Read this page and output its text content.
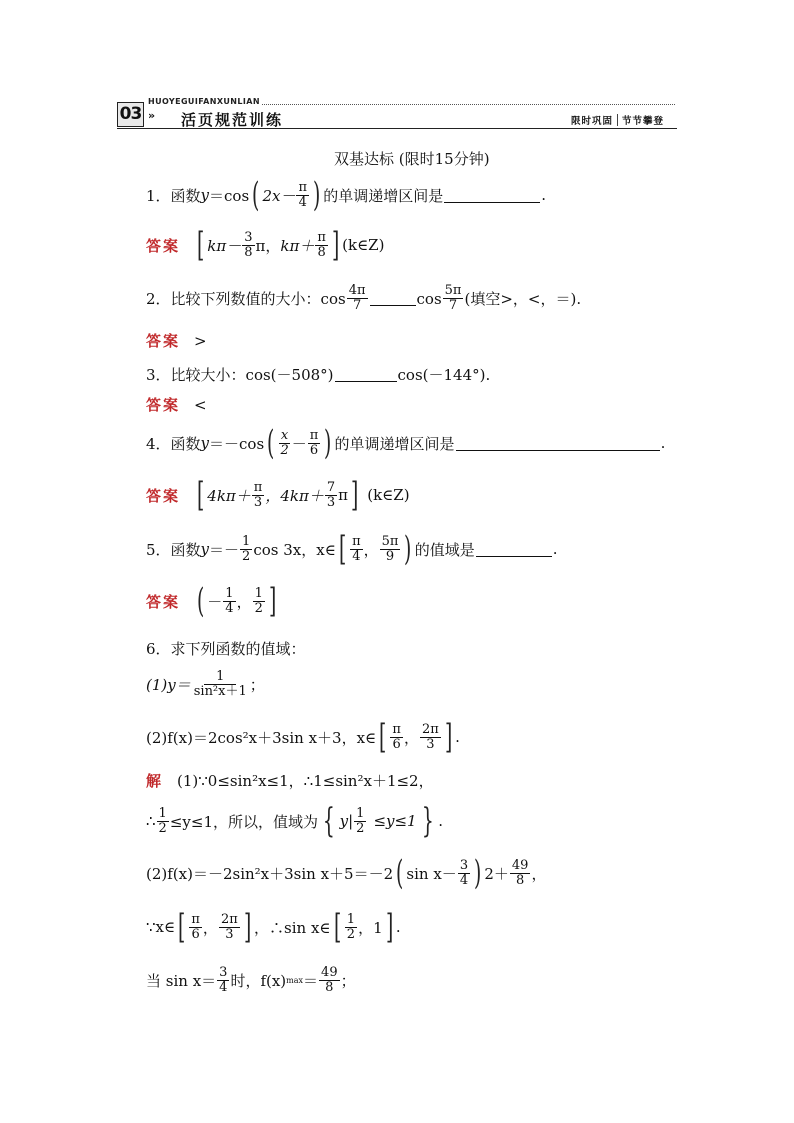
HUOYEGUIFANXUNLIAN
03 » 活页规范训练	限时巩固 节节攀登
双基达标 (限时15分钟)
1．函数 y ＝cos ( $2x- \frac{\pi}{4}$ ) 的单调递增区间是	.
答案 [ $k\pi- \frac{3}{8}$ π， $k\pi+ \frac{\pi}{8}$ ] (k∈Z)
2．比较下列数值的大小：$\cos \frac{4\pi}{7}$	$\cos \frac{5\pi}{7}$ (填空>，<，＝).
答案 >
3．比较大小：cos(－508°)	cos(－144°).
答案 <
4．函数 y ＝－cos ( $\frac{x}{2} - \frac{\pi}{6}$ ) 的单调递增区间是	.
答案 [ $4k\pi+ \frac{\pi}{3}$ ，$4k\pi+ \frac{7}{3}$ π ] (k∈Z)
5．函数 $y =- \frac{1}{2}$ cos 3x，x∈ [ $\frac{\pi}{4}$ ， $\frac{5\pi}{9}$ ) 的值域是	.
答案 ( － $\frac{1}{4}$ ， $\frac{1}{2}$ ]
6．求下列函数的值域：
$(1)y= \frac{1}{\text{sin²x＋1}}$ ；
(2)f(x)＝2cos²x＋3sin x＋3，x∈ [ $\frac{\pi}{6}$ ， $\frac{2\pi}{3}$ ] .
解 (1)∵0≤sin²x≤1，∴1≤sin²x＋1≤2，
∴ $\frac{1}{2} \le y\le 1$，所以，值域为 { $y| \frac{1}{2} \le y\le 1$ } .
(2)f(x)＝－2sin²x＋3sin x＋5＝－2 ( $\sin x- \frac{3}{4}$ ) $2+ \frac{49}{8}$ ，
∵x∈ [ $\frac{\pi}{6}$ ， $\frac{2\pi}{3}$ ] ，∴sin x∈ [ $\frac{1}{2}$ ，1 ] .
当 $\sin x= \frac{3}{4}$ 时，f(x) $\max = \frac{49}{8}$ ；
